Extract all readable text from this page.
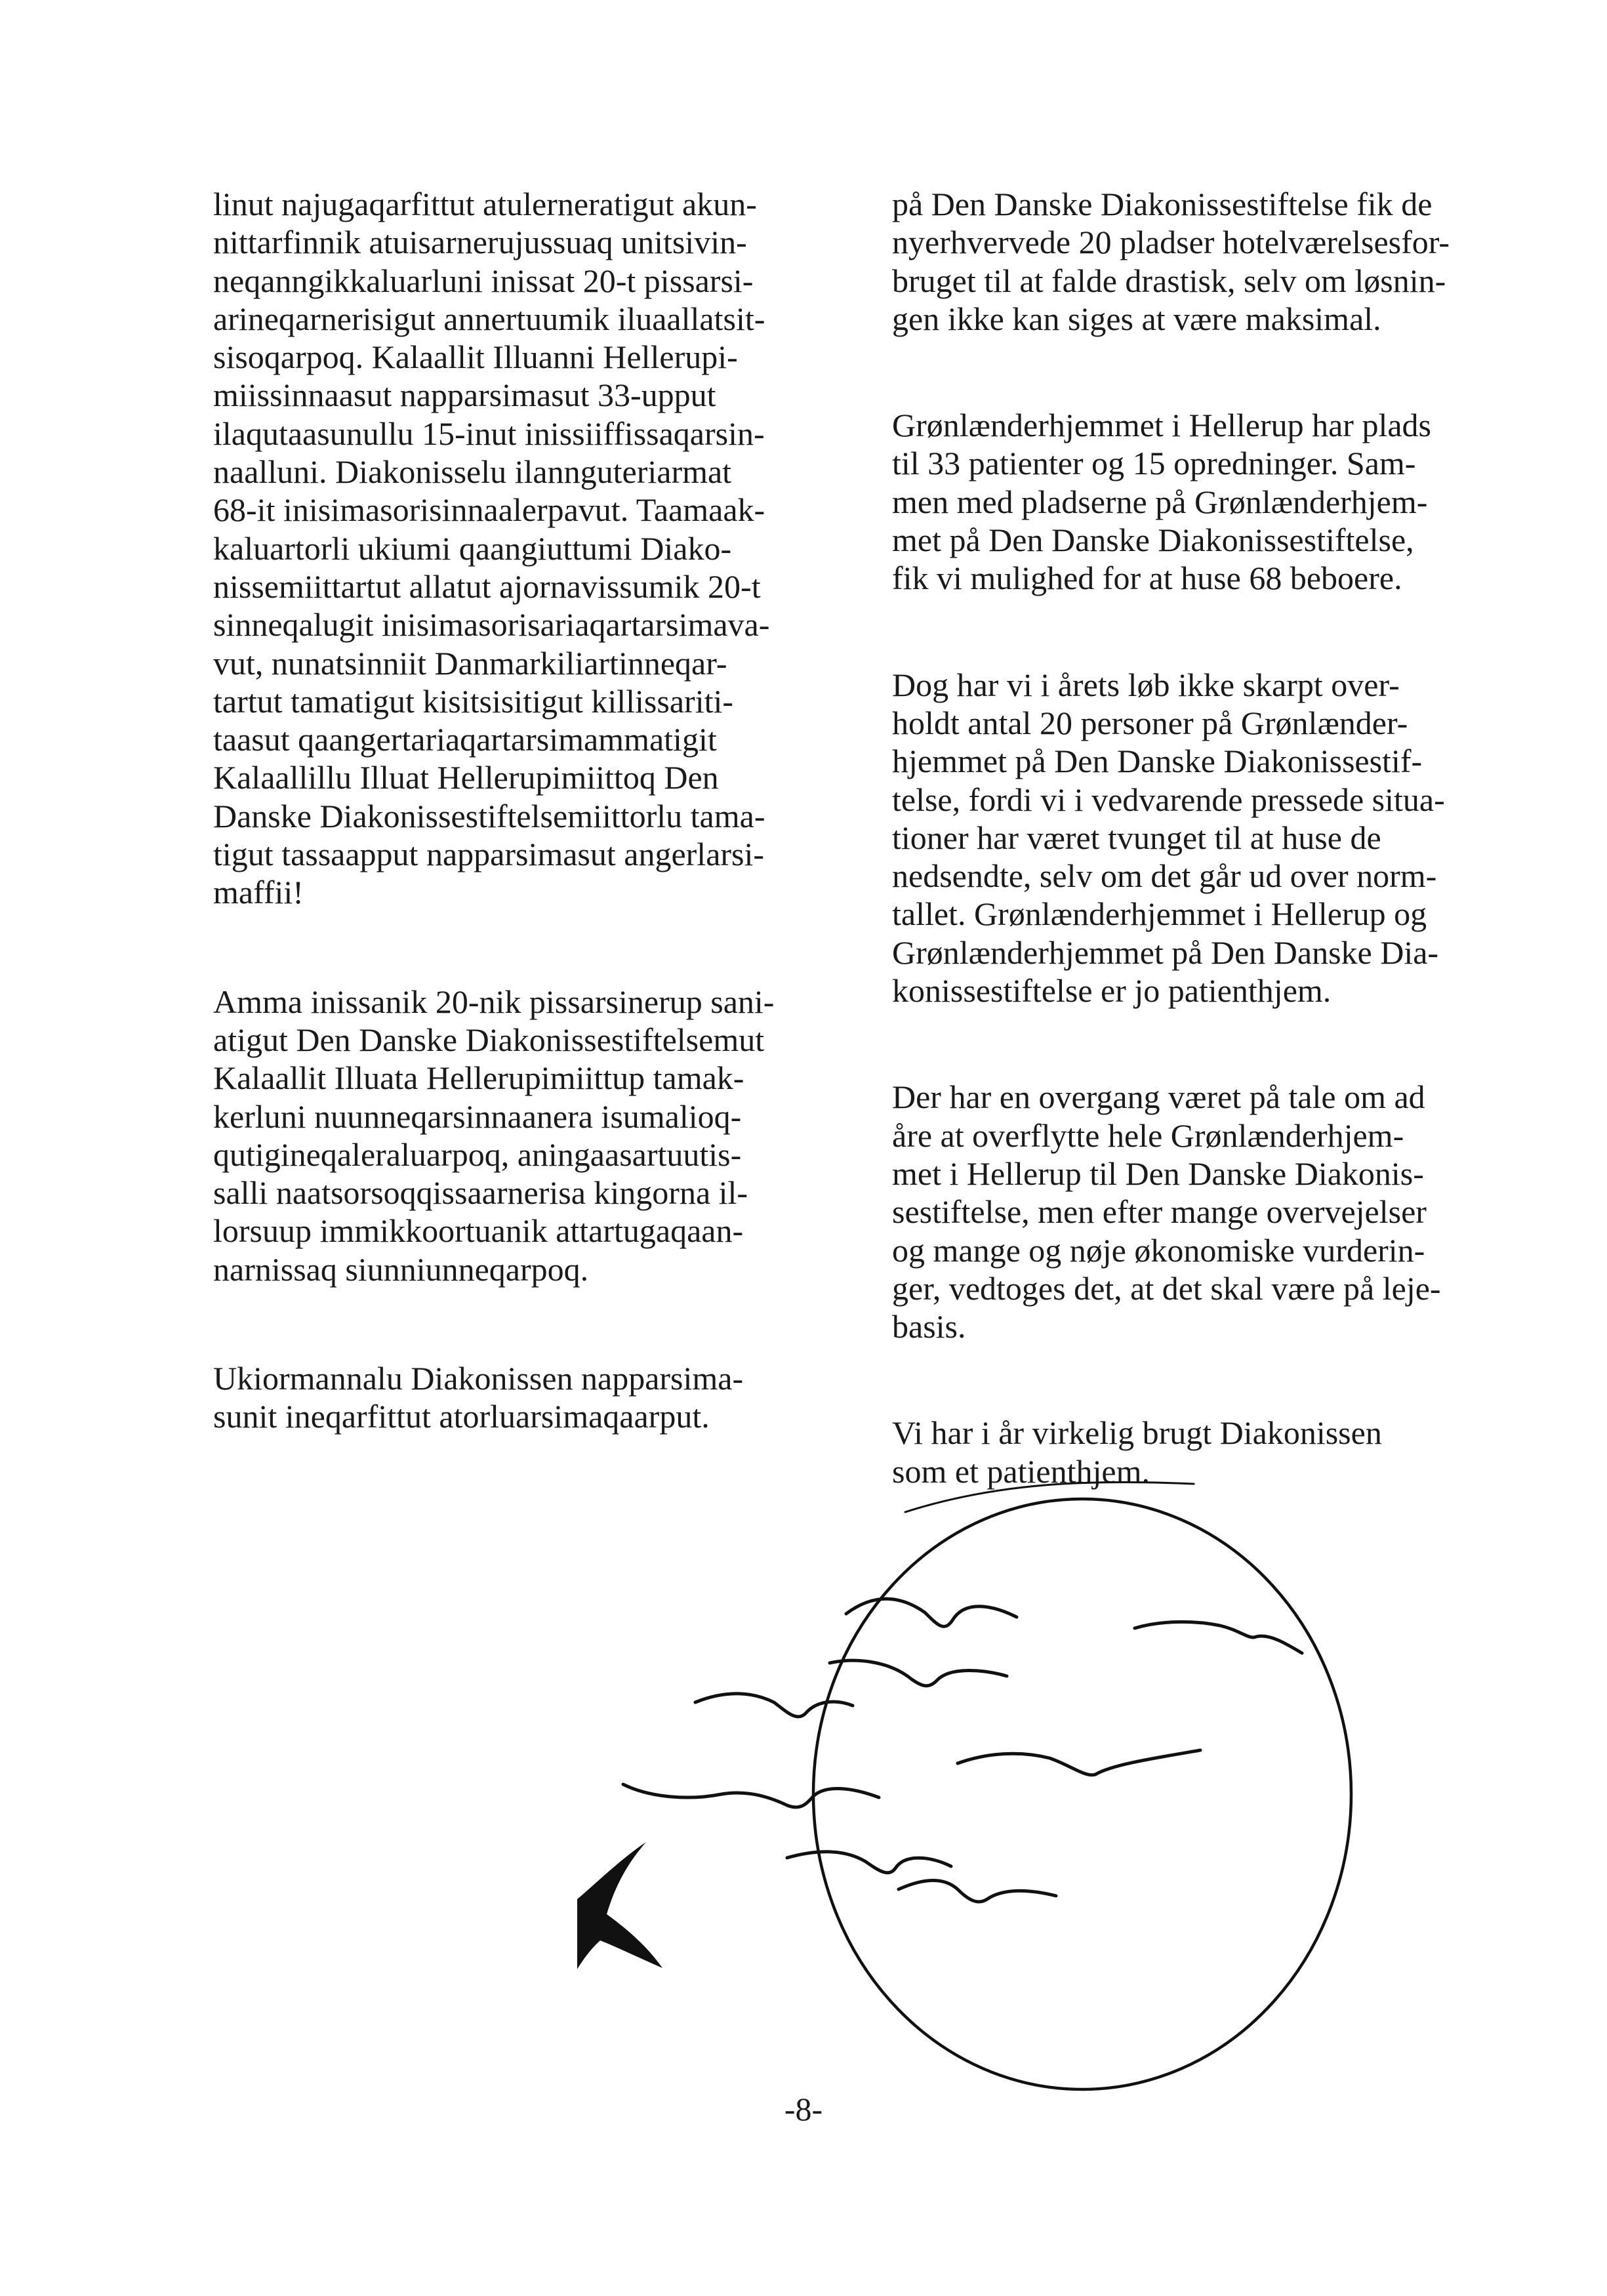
linut najugaqarfittut atulerneratigut akun-
nittarfinnik atuisarnerujussuaq unitsivin-
neqanngikkaluarluni inissat 20-t pissarsi-
arineqarnerisigut annertuumik iluaallatsit-
sisoqarpoq. Kalaallit Illuanni Hellerupi-
miissinnaasut napparsimasut 33-upput
ilaqutaasunullu 15-inut inissiiffissaqarsin-
naalluni. Diakonisselu ilannguteriarmat
68-it inisimasorisinnaalerpavut. Taamaak-
kaluartorli ukiumi qaangiuttumi Diako-
nissemiittartut allatut ajornavissumik 20-t
sinneqalugit inisimasorisariaqartarsimava-
vut, nunatsinniit Danmarkiliartinneqar-
tartut tamatigut kisitsisitigut killissariti-
taasut qaangertariaqartarsimammatigit
Kalaallillu Illuat Hellerupimiittoq Den
Danske Diakonissestiftelsemiittorlu tama-
tigut tassaapput napparsimasut angerlarsi-
maffii!

Amma inissanik 20-nik pissarsinerup sani-
atigut Den Danske Diakonissestiftelsemut
Kalaallit Illuata Hellerupimiittup tamak-
kerluni nuunneqarsinnaanera isumalioq-
qutigineqaleraluarpoq, aningaasartuutis-
salli naatsorsoqqissaarnerisa kingorna il-
lorsuup immikkoortuanik attartugaqaan-
narnissaq siunniunneqarpoq.

Ukiormannalu Diakonissen napparsima-
sunit ineqarfittut atorluarsimaqaarput.

på Den Danske Diakonissestiftelse fik de
nyerhvervede 20 pladser hotelværelsesfor-
bruget til at falde drastisk, selv om løsnin-
gen ikke kan siges at være maksimal.

Grønlænderhjemmet i Hellerup har plads
til 33 patienter og 15 opredninger. Sam-
men med pladserne på Grønlænderhjem-
met på Den Danske Diakonissestiftelse,
fik vi mulighed for at huse 68 beboere.

Dog har vi i årets løb ikke skarpt over-
holdt antal 20 personer på Grønlænder-
hjemmet på Den Danske Diakonissestif-
telse, fordi vi i vedvarende pressede situa-
tioner har været tvunget til at huse de
nedsendte, selv om det går ud over norm-
tallet. Grønlænderhjemmet i Hellerup og
Grønlænderhjemmet på Den Danske Dia-
konissestiftelse er jo patienthjem.

Der har en overgang været på tale om ad
åre at overflytte hele Grønlænderhjem-
met i Hellerup til Den Danske Diakonis-
sestiftelse, men efter mange overvejelser
og mange og nøje økonomiske vurderin-
ger, vedtoges det, at det skal være på leje-
basis.

Vi har i år virkelig brugt Diakonissen
som et patienthjem.

-8-
